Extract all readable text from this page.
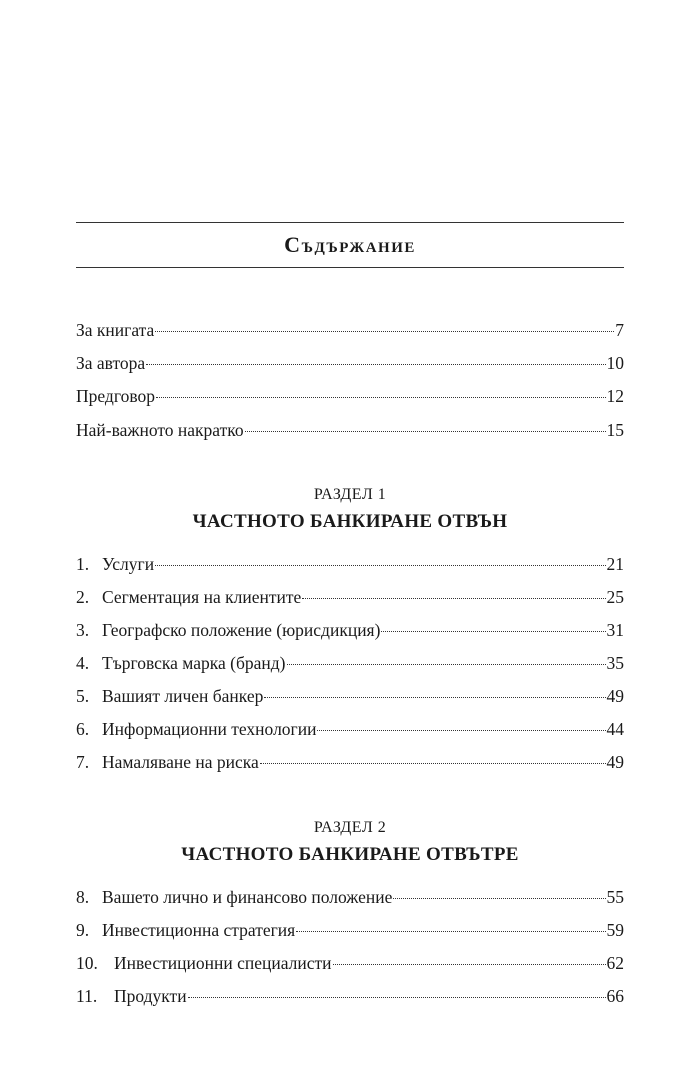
Съдържание
За книгата	7
За автора	10
Предговор	12
Най-важното накратко	15
РАЗДЕЛ 1
ЧАСТНОТО БАНКИРАНЕ ОТВЪН
1. Услуги	21
2. Сегментация на клиентите	25
3. Географско положение (юрисдикция)	31
4. Търговска марка (бранд)	35
5. Вашият личен банкер	49
6. Информационни технологии	44
7. Намаляване на риска	49
РАЗДЕЛ 2
ЧАСТНОТО БАНКИРАНЕ ОТВЪТРЕ
8. Вашето лично и финансово положение	55
9. Инвестиционна стратегия	59
10. Инвестиционни специалисти	62
11. Продукти	66
